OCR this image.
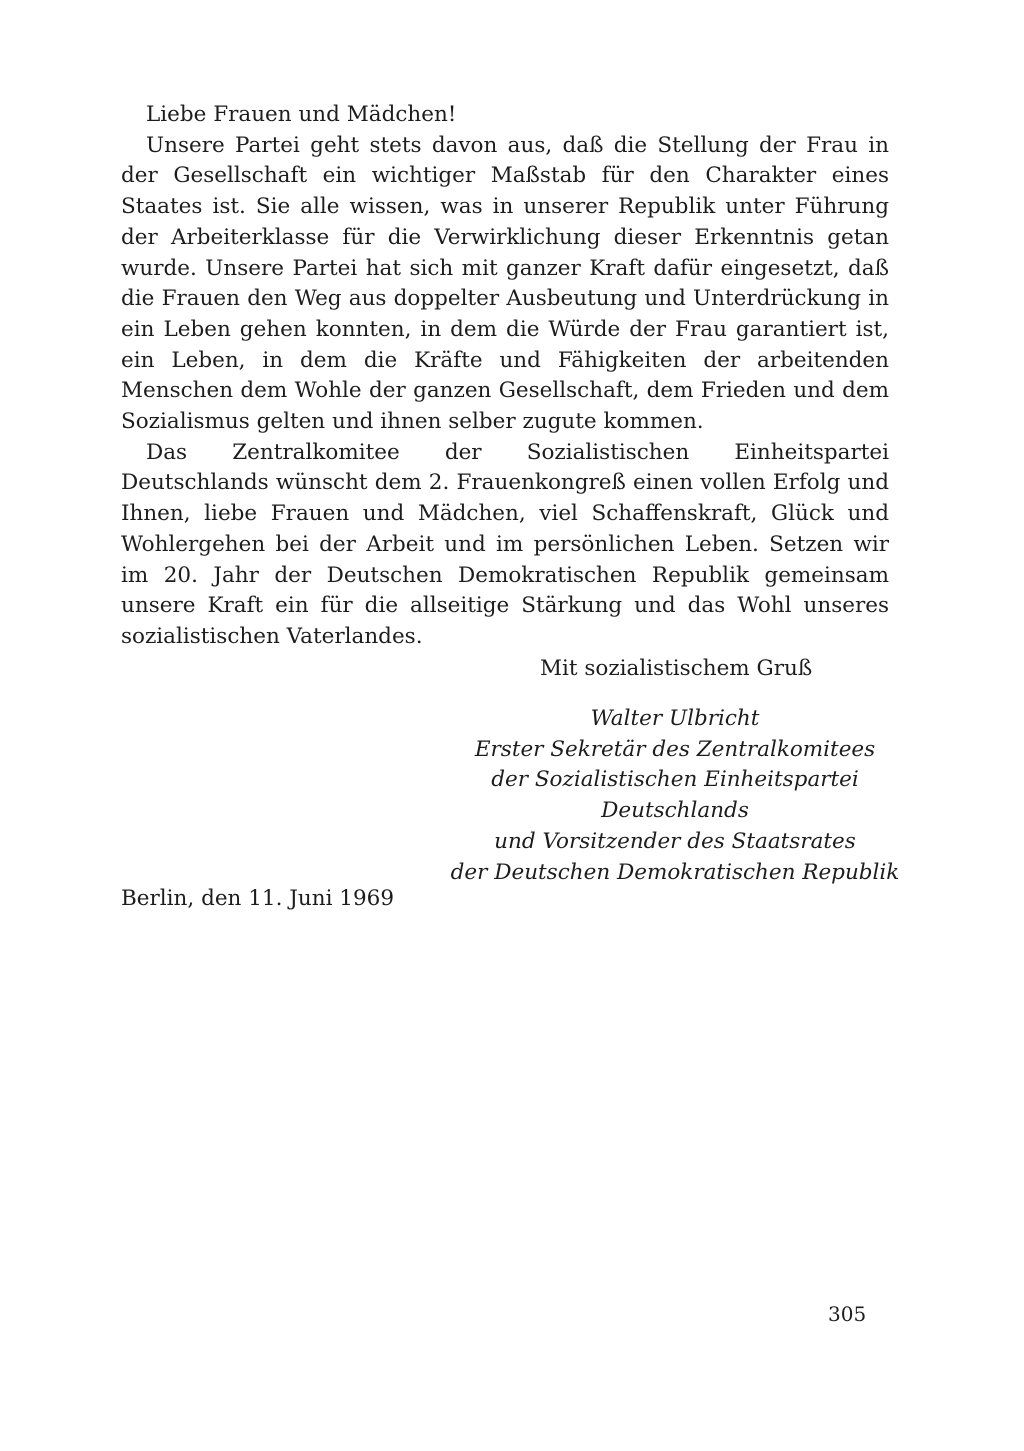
Liebe Frauen und Mädchen!

Unsere Partei geht stets davon aus, daß die Stellung der Frau in der Gesellschaft ein wichtiger Maßstab für den Charakter eines Staates ist. Sie alle wissen, was in unserer Republik unter Führung der Arbeiterklasse für die Verwirklichung dieser Erkenntnis getan wurde. Unsere Partei hat sich mit ganzer Kraft dafür eingesetzt, daß die Frauen den Weg aus doppelter Ausbeutung und Unterdrückung in ein Leben gehen konnten, in dem die Würde der Frau garantiert ist, ein Leben, in dem die Kräfte und Fähigkeiten der arbeitenden Menschen dem Wohle der ganzen Gesellschaft, dem Frieden und dem Sozialismus gelten und ihnen selber zugute kommen.

Das Zentralkomitee der Sozialistischen Einheitspartei Deutschlands wünscht dem 2. Frauenkongreß einen vollen Erfolg und Ihnen, liebe Frauen und Mädchen, viel Schaffenskraft, Glück und Wohlergehen bei der Arbeit und im persönlichen Leben. Setzen wir im 20. Jahr der Deutschen Demokratischen Republik gemeinsam unsere Kraft ein für die allseitige Stärkung und das Wohl unseres sozialistischen Vaterlandes.

Mit sozialistischem Gruß
Walter Ulbricht
Erster Sekretär des Zentralkomitees
der Sozialistischen Einheitspartei
Deutschlands
und Vorsitzender des Staatsrates
der Deutschen Demokratischen Republik
Berlin, den 11. Juni 1969
305
